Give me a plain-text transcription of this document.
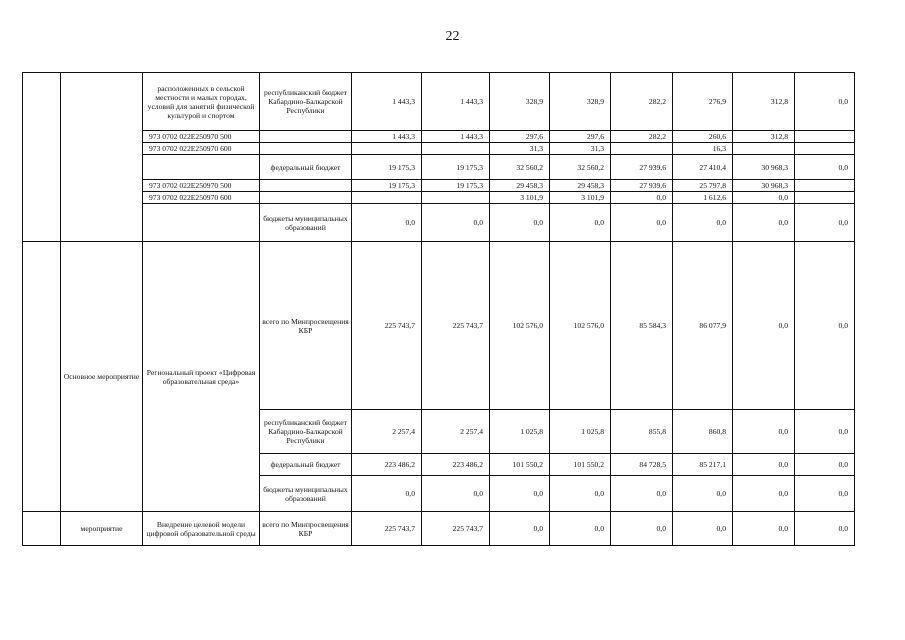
22
		расположенных в сельской местности и малых городах, условий для занятий физической культурой и спортом	республиканский бюджет Кабардино-Балкарской Республики	1 443,3	1 443,3	328,9	328,9	282,2	276,9	312,8	0,0
		973 0702 022E250970 500		1 443,3	1 443,3	297,6	297,6	282,2	260,6	312,8	
		973 0702 022E250970 600				31,3	31,3		16,3		
			федеральный бюджет	19 175,3	19 175,3	32 560,2	32 560,2	27 939,6	27 410,4	30 968,3	0,0
		973 0702 022E250970 500		19 175,3	19 175,3	29 458,3	29 458,3	27 939,6	25 797,8	30 968,3	
		973 0702 022E250970 600				3 101,9	3 101,9	0,0	1 612,6	0,0	
			бюджеты муниципальных образований	0,0	0,0	0,0	0,0	0,0	0,0	0,0	0,0
	Основное мероприятие	Региональный проект «Цифровая образовательная среда»	всего по Минпросвещения КБР	225 743,7	225 743,7	102 576,0	102 576,0	85 584,3	86 077,9	0,0	0,0
			республиканский бюджет Кабардино-Балкарской Республики	2 257,4	2 257,4	1 025,8	1 025,8	855,8	860,8	0,0	0,0
			федеральный бюджет	223 486,2	223 486,2	101 550,2	101 550,2	84 728,5	85 217,1	0,0	0,0
			бюджеты муниципальных образований	0,0	0,0	0,0	0,0	0,0	0,0	0,0	0,0
	мероприятие	Внедрение целевой модели цифровой образовательной среды	всего по Минпросвещения КБР	225 743,7	225 743,7	0,0	0,0	0,0	0,0	0,0	0,0
